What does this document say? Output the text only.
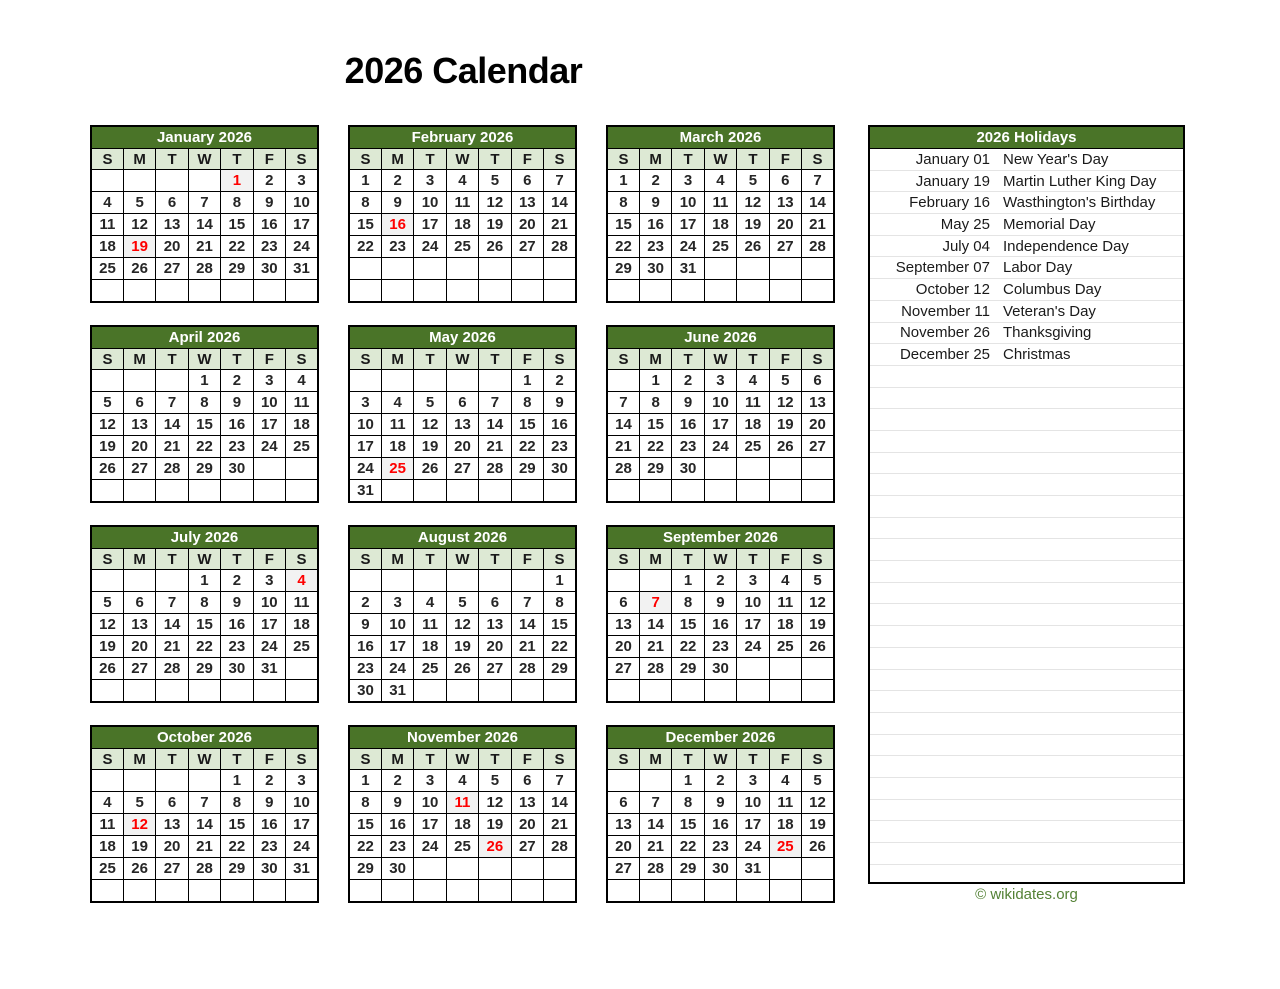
2026 Calendar
January 2026						
S	M	T	W	T	F	S
				1	2	3
4	5	6	7	8	9	10
11	12	13	14	15	16	17
18	19	20	21	22	23	24
25	26	27	28	29	30	31

February 2026						
S	M	T	W	T	F	S
1	2	3	4	5	6	7
8	9	10	11	12	13	14
15	16	17	18	19	20	21
22	23	24	25	26	27	28

March 2026						
S	M	T	W	T	F	S
1	2	3	4	5	6	7
8	9	10	11	12	13	14
15	16	17	18	19	20	21
22	23	24	25	26	27	28
29	30	31				

April 2026						
S	M	T	W	T	F	S
			1	2	3	4
5	6	7	8	9	10	11
12	13	14	15	16	17	18
19	20	21	22	23	24	25
26	27	28	29	30		

May 2026						
S	M	T	W	T	F	S
					1	2
3	4	5	6	7	8	9
10	11	12	13	14	15	16
17	18	19	20	21	22	23
24	25	26	27	28	29	30
31						
June 2026						
S	M	T	W	T	F	S
	1	2	3	4	5	6
7	8	9	10	11	12	13
14	15	16	17	18	19	20
21	22	23	24	25	26	27
28	29	30				

July 2026						
S	M	T	W	T	F	S
			1	2	3	4
5	6	7	8	9	10	11
12	13	14	15	16	17	18
19	20	21	22	23	24	25
26	27	28	29	30	31	

August 2026						
S	M	T	W	T	F	S
						1
2	3	4	5	6	7	8
9	10	11	12	13	14	15
16	17	18	19	20	21	22
23	24	25	26	27	28	29
30	31					
September 2026						
S	M	T	W	T	F	S
		1	2	3	4	5
6	7	8	9	10	11	12
13	14	15	16	17	18	19
20	21	22	23	24	25	26
27	28	29	30			

October 2026						
S	M	T	W	T	F	S
				1	2	3
4	5	6	7	8	9	10
11	12	13	14	15	16	17
18	19	20	21	22	23	24
25	26	27	28	29	30	31

November 2026						
S	M	T	W	T	F	S
1	2	3	4	5	6	7
8	9	10	11	12	13	14
15	16	17	18	19	20	21
22	23	24	25	26	27	28
29	30					

December 2026						
S	M	T	W	T	F	S
		1	2	3	4	5
6	7	8	9	10	11	12
13	14	15	16	17	18	19
20	21	22	23	24	25	26
27	28	29	30	31		

2026 Holidays
January 01 New Year's Day
January 19 Martin Luther King Day
February 16 Wasthington's Birthday
May 25 Memorial Day
July 04 Independence Day
September 07 Labor Day
October 12 Columbus Day
November 11 Veteran's Day
November 26 Thanksgiving
December 25 Christmas
© wikidates.org
